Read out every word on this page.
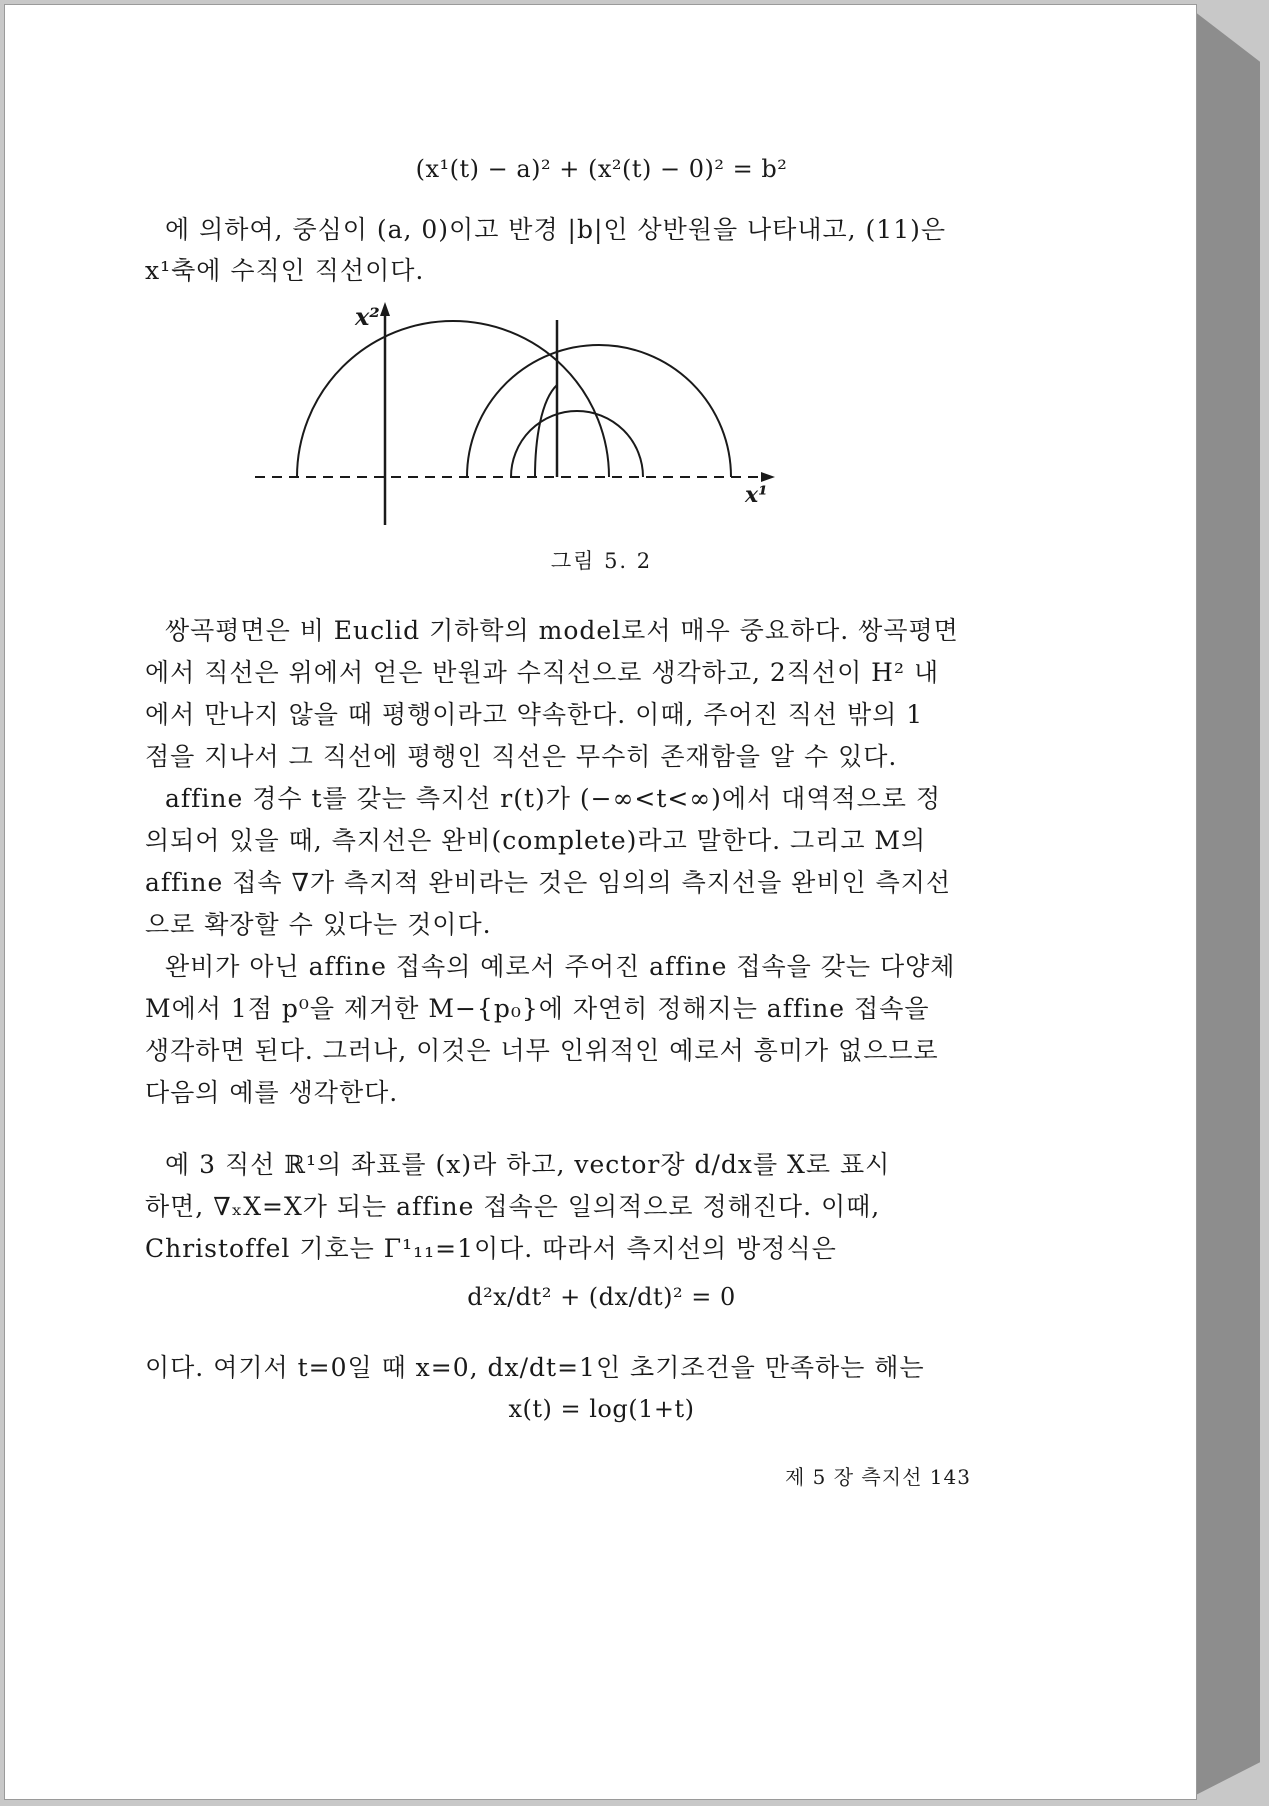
(x¹(t) − a)² + (x²(t) − 0)² = b²
에 의하여, 중심이 (a, 0)이고 반경 |b|인 상반원을 나타내고, (11)은
x¹축에 수직인 직선이다.
x²
x¹
그림 5. 2
쌍곡평면은 비 Euclid 기하학의 model로서 매우 중요하다. 쌍곡평면
에서 직선은 위에서 얻은 반원과 수직선으로 생각하고, 2직선이 H² 내
에서 만나지 않을 때 평행이라고 약속한다. 이때, 주어진 직선 밖의 1
점을 지나서 그 직선에 평행인 직선은 무수히 존재함을 알 수 있다.
affine 경수 t를 갖는 측지선 r(t)가 (−∞<t<∞)에서 대역적으로 정
의되어 있을 때, 측지선은 완비(complete)라고 말한다. 그리고 M의
affine 접속 ∇가 측지적 완비라는 것은 임의의 측지선을 완비인 측지선
으로 확장할 수 있다는 것이다.
완비가 아닌 affine 접속의 예로서 주어진 affine 접속을 갖는 다양체
M에서 1점 p⁰을 제거한 M−{p₀}에 자연히 정해지는 affine 접속을
생각하면 된다. 그러나, 이것은 너무 인위적인 예로서 흥미가 없으므로
다음의 예를 생각한다.
예 3 직선 ℝ¹의 좌표를 (x)라 하고, vector장 d/dx를 X로 표시
하면, ∇ₓX=X가 되는 affine 접속은 일의적으로 정해진다. 이때,
Christoffel 기호는 Γ¹₁₁=1이다. 따라서 측지선의 방정식은
d²x/dt² + (dx/dt)² = 0
이다. 여기서 t=0일 때 x=0, dx/dt=1인 초기조건을 만족하는 해는
x(t) = log(1+t)
제 5 장 측지선 143
